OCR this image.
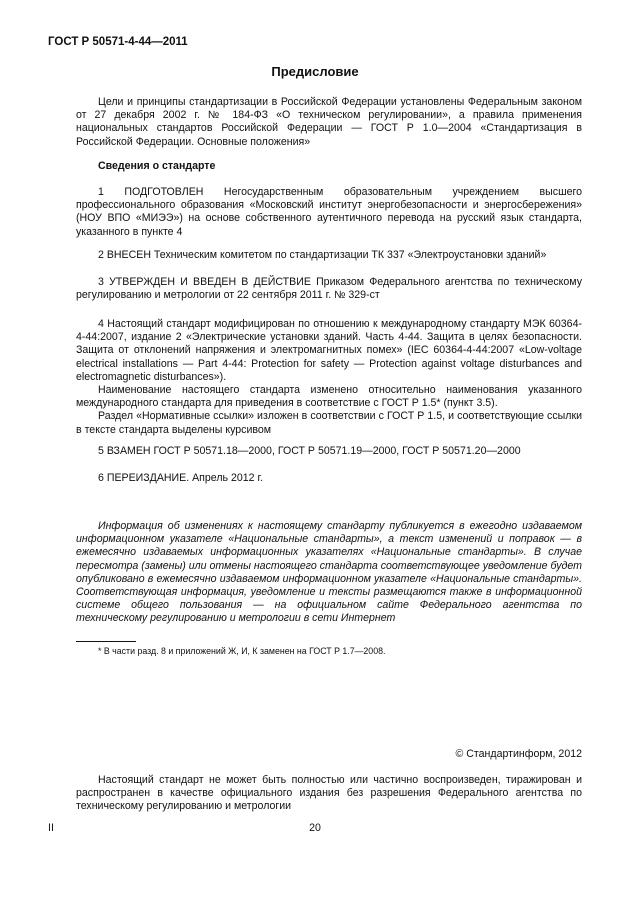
ГОСТ Р 50571-4-44—2011
Предисловие

Цели и принципы стандартизации в Российской Федерации установлены Федеральным законом от 27 декабря 2002 г. № 184-ФЗ «О техническом регулировании», а правила применения национальных стандартов Российской Федерации — ГОСТ Р 1.0—2004 «Стандартизация в Российской Федерации. Основные положения»

Сведения о стандарте

1 ПОДГОТОВЛЕН Негосударственным образовательным учреждением высшего профессионального образования «Московский институт энергобезопасности и энергосбережения» (НОУ ВПО «МИЭЭ») на основе собственного аутентичного перевода на русский язык стандарта, указанного в пункте 4

2 ВНЕСЕН Техническим комитетом по стандартизации ТК 337 «Электроустановки зданий»

3 УТВЕРЖДЕН И ВВЕДЕН В ДЕЙСТВИЕ Приказом Федерального агентства по техническому регулированию и метрологии от 22 сентября 2011 г. № 329-ст

4 Настоящий стандарт модифицирован по отношению к международному стандарту МЭК 60364-4-44:2007, издание 2 «Электрические установки зданий. Часть 4-44. Защита в целях безопасности. Защита от отклонений напряжения и электромагнитных помех» (IEC 60364-4-44:2007 «Low-voltage electrical installations — Part 4-44: Protection for safety — Protection against voltage disturbances and electromagnetic disturbances»).

Наименование настоящего стандарта изменено относительно наименования указанного международного стандарта для приведения в соответствие с ГОСТ Р 1.5* (пункт 3.5).

Раздел «Нормативные ссылки» изложен в соответствии с ГОСТ Р 1.5, и соответствующие ссылки в тексте стандарта выделены курсивом

5 ВЗАМЕН ГОСТ Р 50571.18—2000, ГОСТ Р 50571.19—2000, ГОСТ Р 50571.20—2000

6 ПЕРЕИЗДАНИЕ. Апрель 2012 г.

Информация об изменениях к настоящему стандарту публикуется в ежегодно издаваемом информационном указателе «Национальные стандарты», а текст изменений и поправок — в ежемесячно издаваемых информационных указателях «Национальные стандарты». В случае пересмотра (замены) или отмены настоящего стандарта соответствующее уведомление будет опубликовано в ежемесячно издаваемом информационном указателе «Национальные стандарты». Соответствующая информация, уведомление и тексты размещаются также в информационной системе общего пользования — на официальном сайте Федерального агентства по техническому регулированию и метрологии в сети Интернет

* В части разд. 8 и приложений Ж, И, К заменен на ГОСТ Р 1.7—2008.
© Стандартинформ, 2012

Настоящий стандарт не может быть полностью или частично воспроизведен, тиражирован и распространен в качестве официального издания без разрешения Федерального агентства по техническому регулированию и метрологии

II	20
